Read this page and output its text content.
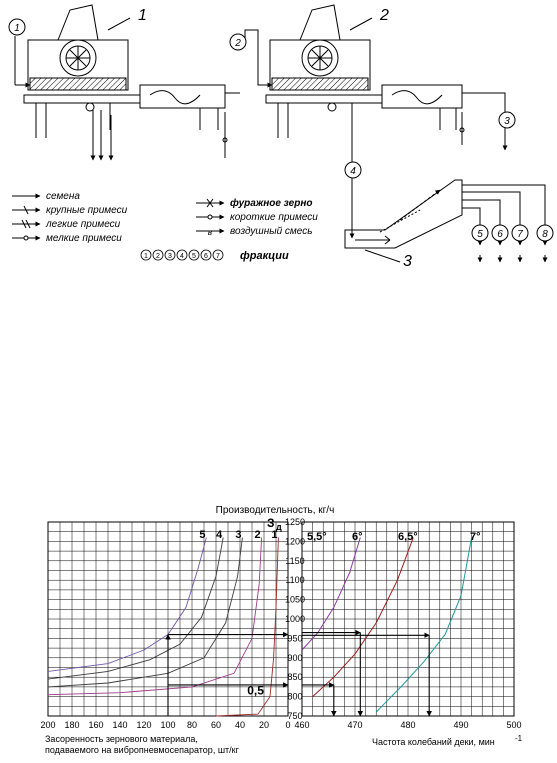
1	2
3
1
2
3
4
5 6 7 8
в
семена
крупные примеси
легкие примеси
мелкие примеси
фуражное зерно
короткие примеси
воздушный смесь
1 2 3 4 5 6 7 фракции
Производительность, кг/ч
З д
200 180 160 140 120 100 80 60 40 20 0
5 4 3 2 1
0,5
750
800
850
900
950
1000
1050
1100
1150
1200
1250
460	470	480	490	500
5,5° 6°	6,5°	7°
Засоренность зернового материала,
подаваемого на вибропневмосепаратор, шт/кг
Частота колебаний деки, мин	-1
